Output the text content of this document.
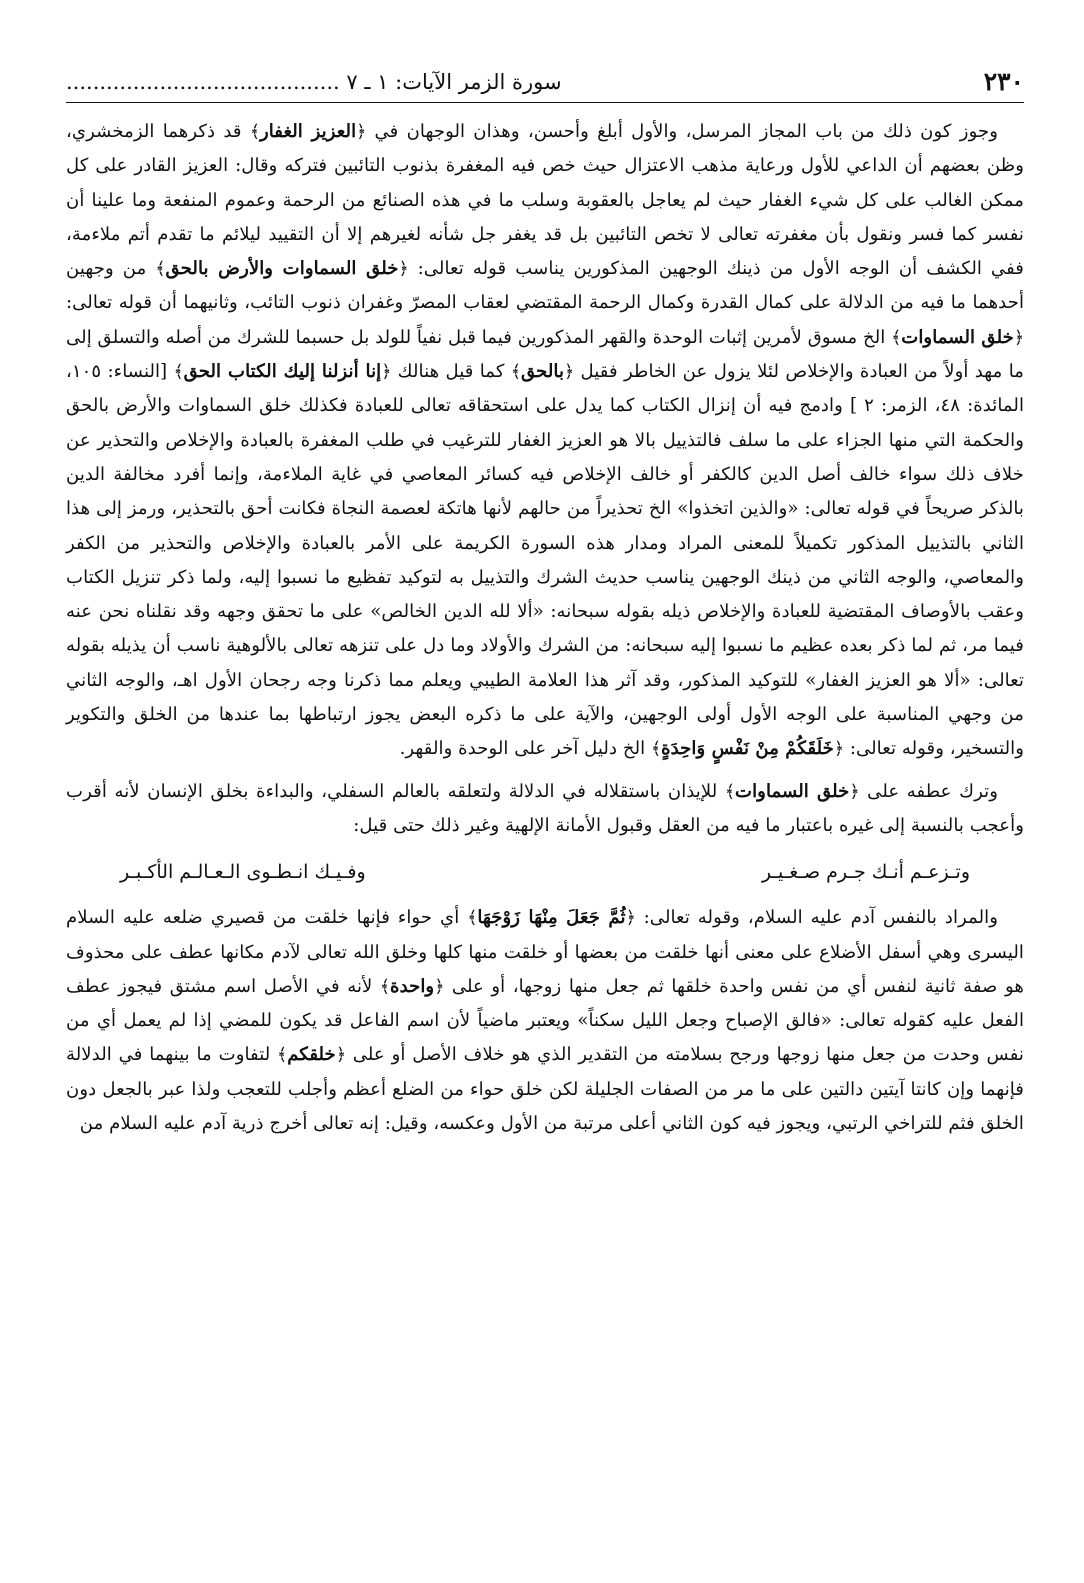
٢٣٠
سورة الزمر الآيات: ١ ـ ٧ .........................................

وجوز كون ذلك من باب المجاز المرسل، والأول أبلغ وأحسن، وهذان الوجهان في ﴿العزيز الغفار﴾ قد ذكرهما الزمخشري، وظن بعضهم أن الداعي للأول ورعاية مذهب الاعتزال حيث خص فيه المغفرة بذنوب التائبين فتركه وقال: العزيز القادر على كل ممكن الغالب على كل شيء الغفار حيث لم يعاجل بالعقوبة وسلب ما في هذه الصنائع من الرحمة وعموم المنفعة وما علينا أن نفسر كما فسر ونقول بأن مغفرته تعالى لا تخص التائبين بل قد يغفر جل شأنه لغيرهم إلا أن التقييد ليلائم ما تقدم أتم ملاءمة، ففي الكشف أن الوجه الأول من ذينك الوجهين المذكورين يناسب قوله تعالى: ﴿خلق السماوات والأرض بالحق﴾ من وجهين أحدهما ما فيه من الدلالة على كمال القدرة وكمال الرحمة المقتضي لعقاب المصرّ وغفران ذنوب التائب، وثانيهما أن قوله تعالى: ﴿خلق السماوات﴾ الخ مسوق لأمرين إثبات الوحدة والقهر المذكورين فيما قبل نفياً للولد بل حسبما للشرك من أصله والتسلق إلى ما مهد أولاً من العبادة والإخلاص لئلا يزول عن الخاطر فقيل ﴿بالحق﴾ كما قيل هنالك ﴿إنا أنزلنا إليك الكتاب الحق﴾ [النساء: ١٠٥، المائدة: ٤٨، الزمر: ٢ ] وادمج فيه أن إنزال الكتاب كما يدل على استحقاقه تعالى للعبادة فكذلك خلق السماوات والأرض بالحق والحكمة التي منها الجزاء على ما سلف فالتذييل بالا هو العزيز الغفار للترغيب في طلب المغفرة بالعبادة والإخلاص والتحذير عن خلاف ذلك سواء خالف أصل الدين كالكفر أو خالف الإخلاص فيه كسائر المعاصي في غاية الملاءمة، وإنما أفرد مخالفة الدين بالذكر صريحاً في قوله تعالى: «والذين اتخذوا» الخ تحذيراً من حالهم لأنها هاتكة لعصمة النجاة فكانت أحق بالتحذير، ورمز إلى هذا الثاني بالتذييل المذكور تكميلاً للمعنى المراد ومدار هذه السورة الكريمة على الأمر بالعبادة والإخلاص والتحذير من الكفر والمعاصي، والوجه الثاني من ذينك الوجهين يناسب حديث الشرك والتذييل به لتوكيد تفظيع ما نسبوا إليه، ولما ذكر تنزيل الكتاب وعقب بالأوصاف المقتضية للعبادة والإخلاص ذيله بقوله سبحانه: «ألا لله الدين الخالص» على ما تحقق وجهه وقد نقلناه نحن عنه فيما مر، ثم لما ذكر بعده عظيم ما نسبوا إليه سبحانه: من الشرك والأولاد وما دل على تنزهه تعالى بالألوهية ناسب أن يذيله بقوله تعالى: «ألا هو العزيز الغفار» للتوكيد المذكور، وقد آثر هذا العلامة الطيبي ويعلم مما ذكرنا وجه رجحان الأول اهـ، والوجه الثاني من وجهي المناسبة على الوجه الأول أولى الوجهين، والآية على ما ذكره البعض يجوز ارتباطها بما عندها من الخلق والتكوير والتسخير، وقوله تعالى: ﴿خَلَقَكُمْ مِنْ نَفْسٍ وَاحِدَةٍ﴾ الخ دليل آخر على الوحدة والقهر.

وترك عطفه على ﴿خلق السماوات﴾ للإيذان باستقلاله في الدلالة ولتعلقه بالعالم السفلي، والبداءة بخلق الإنسان لأنه أقرب وأعجب بالنسبة إلى غيره باعتبار ما فيه من العقل وقبول الأمانة الإلهية وغير ذلك حتى قيل:

وتـزعـم أنـك جـرم صـغـيـر
وفـيـك انـطـوى الـعـالـم الأكـبـر

والمراد بالنفس آدم عليه السلام، وقوله تعالى: ﴿ثُمَّ جَعَلَ مِنْهَا زَوْجَهَا﴾ أي حواء فإنها خلقت من قصيري ضلعه عليه السلام اليسرى وهي أسفل الأضلاع على معنى أنها خلقت من بعضها أو خلقت منها كلها وخلق الله تعالى لآدم مكانها عطف على محذوف هو صفة ثانية لنفس أي من نفس واحدة خلقها ثم جعل منها زوجها، أو على ﴿واحدة﴾ لأنه في الأصل اسم مشتق فيجوز عطف الفعل عليه كقوله تعالى: «فالق الإصباح وجعل الليل سكناً» ويعتبر ماضياً لأن اسم الفاعل قد يكون للمضي إذا لم يعمل أي من نفس وحدت من جعل منها زوجها ورجح بسلامته من التقدير الذي هو خلاف الأصل أو على ﴿خلقكم﴾ لتفاوت ما بينهما في الدلالة فإنهما وإن كانتا آيتين دالتين على ما مر من الصفات الجليلة لكن خلق حواء من الضلع أعظم وأجلب للتعجب ولذا عبر بالجعل دون الخلق فثم للتراخي الرتبي، ويجوز فيه كون الثاني أعلى مرتبة من الأول وعكسه، وقيل: إنه تعالى أخرج ذرية آدم عليه السلام من
